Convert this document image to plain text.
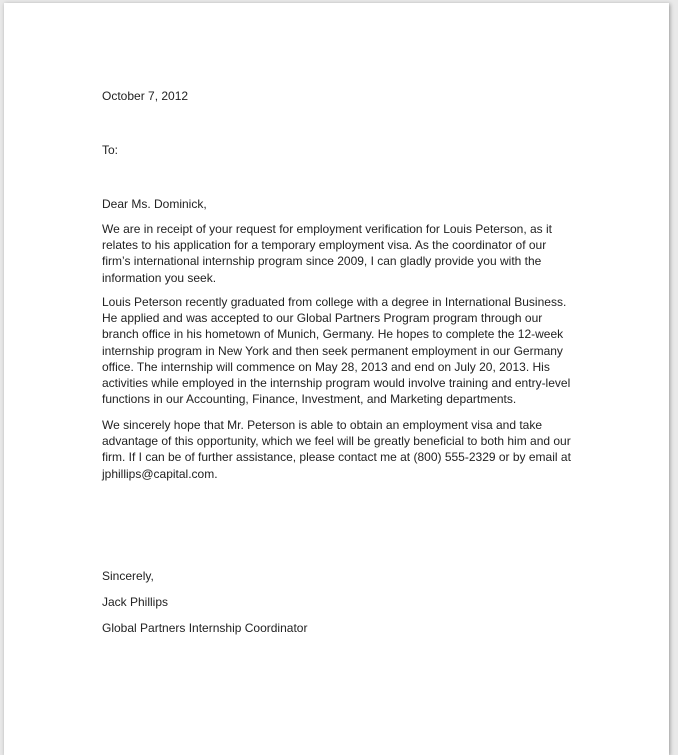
October 7, 2012
To:
Dear Ms. Dominick,
We are in receipt of your request for employment verification for Louis Peterson, as it relates to his application for a temporary employment visa. As the coordinator of our firm’s international internship program since 2009, I can gladly provide you with the information you seek.
Louis Peterson recently graduated from college with a degree in International Business. He applied and was accepted to our Global Partners Program program through our branch office in his hometown of Munich, Germany. He hopes to complete the 12-week internship program in New York and then seek permanent employment in our Germany office. The internship will commence on May 28, 2013 and end on July 20, 2013. His activities while employed in the internship program would involve training and entry-level functions in our Accounting, Finance, Investment, and Marketing departments.
We sincerely hope that Mr. Peterson is able to obtain an employment visa and take advantage of this opportunity, which we feel will be greatly beneficial to both him and our firm. If I can be of further assistance, please contact me at (800) 555-2329 or by email at jphillips@capital.com.
Sincerely,
Jack Phillips
Global Partners Internship Coordinator
